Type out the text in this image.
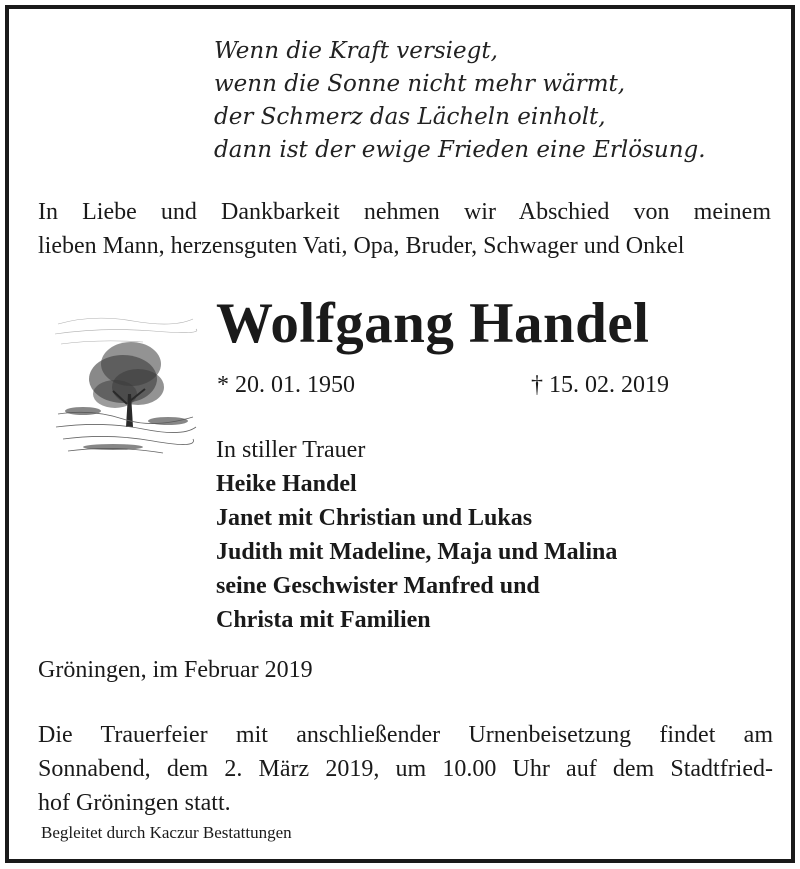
Wenn die Kraft versiegt,
wenn die Sonne nicht mehr wärmt,
der Schmerz das Lächeln einholt,
dann ist der ewige Frieden eine Erlösung.
In Liebe und Dankbarkeit nehmen wir Abschied von meinem
lieben Mann, herzensguten Vati, Opa, Bruder, Schwager und Onkel
Wolfgang Handel
* 20. 01. 1950	† 15. 02. 2019
In stiller Trauer
Heike Handel
Janet mit Christian und Lukas
Judith mit Madeline, Maja und Malina
seine Geschwister Manfred und
Christa mit Familien
Gröningen, im Februar 2019
Die Trauerfeier mit anschließender Urnenbeisetzung findet am
Sonnabend, dem 2. März 2019, um 10.00 Uhr auf dem Stadtfried-
hof Gröningen statt.
Begleitet durch Kaczur Bestattungen
